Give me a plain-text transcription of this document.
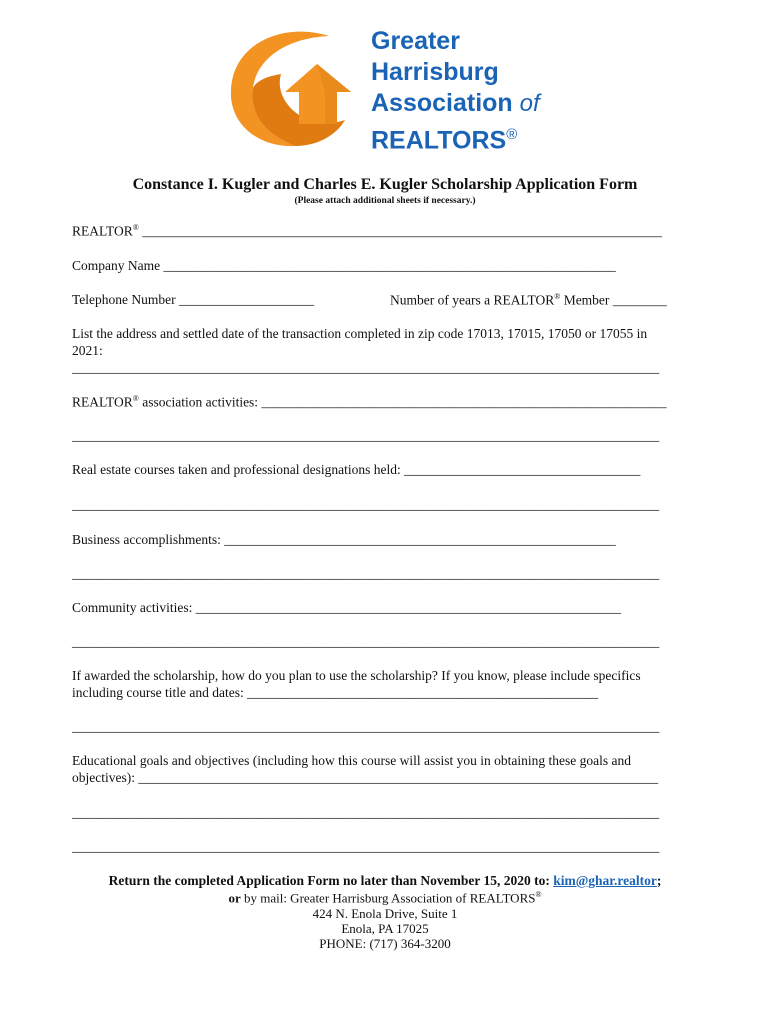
Greater
Harrisburg
Association of
REALTORS®
Constance I. Kugler and Charles E. Kugler Scholarship Application Form
(Please attach additional sheets if necessary.)
REALTOR® _____________________________________________________________________________
Company Name ___________________________________________________________________
Telephone Number ____________________	Number of years a REALTOR® Member ________
List the address and settled date of the transaction completed in zip code 17013, 17015, 17050 or 17055 in
2021:
_______________________________________________________________________________________
REALTOR® association activities: ____________________________________________________________
_______________________________________________________________________________________
Real estate courses taken and professional designations held: ___________________________________
_______________________________________________________________________________________
Business accomplishments: __________________________________________________________
_______________________________________________________________________________________
Community activities: _______________________________________________________________
_______________________________________________________________________________________
If awarded the scholarship, how do you plan to use the scholarship? If you know, please include specifics
including course title and dates: ____________________________________________________
_______________________________________________________________________________________
Educational goals and objectives (including how this course will assist you in obtaining these goals and
objectives): _____________________________________________________________________________
_______________________________________________________________________________________
_______________________________________________________________________________________
Return the completed Application Form no later than November 15, 2020 to: kim@ghar.realtor;
or by mail: Greater Harrisburg Association of REALTORS®
424 N. Enola Drive, Suite 1
Enola, PA 17025
PHONE: (717) 364-3200
